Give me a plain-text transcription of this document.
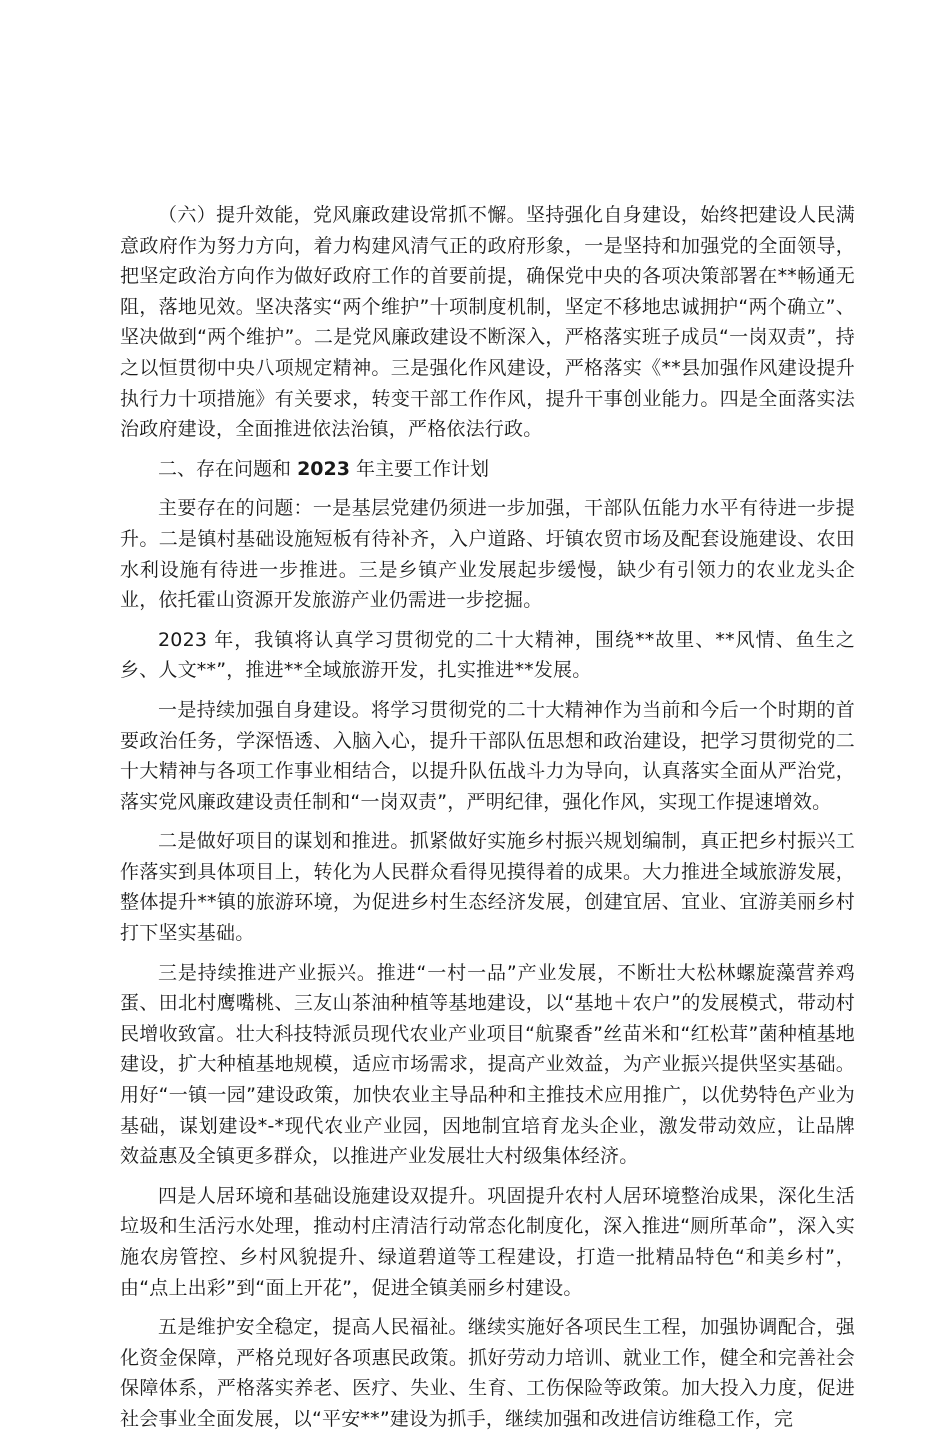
（六）提升效能，党风廉政建设常抓不懈。坚持强化自身建设，始终把建设人民满意政府作为努力方向，着力构建风清气正的政府形象，一是坚持和加强党的全面领导，把坚定政治方向作为做好政府工作的首要前提，确保党中央的各项决策部署在**畅通无阻，落地见效。坚决落实“两个维护”十项制度机制，坚定不移地忠诚拥护“两个确立”、坚决做到“两个维护”。二是党风廉政建设不断深入，严格落实班子成员“一岗双责”，持之以恒贯彻中央八项规定精神。三是强化作风建设，严格落实《**县加强作风建设提升执行力十项措施》有关要求，转变干部工作作风，提升干事创业能力。四是全面落实法治政府建设，全面推进依法治镇，严格依法行政。

二、存在问题和 2023 年主要工作计划

主要存在的问题：一是基层党建仍须进一步加强，干部队伍能力水平有待进一步提升。二是镇村基础设施短板有待补齐，入户道路、圩镇农贸市场及配套设施建设、农田水利设施有待进一步推进。三是乡镇产业发展起步缓慢，缺少有引领力的农业龙头企业，依托霍山资源开发旅游产业仍需进一步挖掘。

2023 年，我镇将认真学习贯彻党的二十大精神，围绕**故里、**风情、鱼生之乡、人文**”，推进**全域旅游开发，扎实推进**发展。

一是持续加强自身建设。将学习贯彻党的二十大精神作为当前和今后一个时期的首要政治任务，学深悟透、入脑入心，提升干部队伍思想和政治建设，把学习贯彻党的二十大精神与各项工作事业相结合，以提升队伍战斗力为导向，认真落实全面从严治党，落实党风廉政建设责任制和“一岗双责”，严明纪律，强化作风，实现工作提速增效。

二是做好项目的谋划和推进。抓紧做好实施乡村振兴规划编制，真正把乡村振兴工作落实到具体项目上，转化为人民群众看得见摸得着的成果。大力推进全域旅游发展，整体提升**镇的旅游环境，为促进乡村生态经济发展，创建宜居、宜业、宜游美丽乡村打下坚实基础。

三是持续推进产业振兴。推进“一村一品”产业发展，不断壮大松林螺旋藻营养鸡蛋、田北村鹰嘴桃、三友山茶油种植等基地建设，以“基地＋农户”的发展模式，带动村民增收致富。壮大科技特派员现代农业产业项目“航聚香”丝苗米和“红松茸”菌种植基地建设，扩大种植基地规模，适应市场需求，提高产业效益，为产业振兴提供坚实基础。用好“一镇一园”建设政策，加快农业主导品种和主推技术应用推广，以优势特色产业为基础，谋划建设*-*现代农业产业园，因地制宜培育龙头企业，激发带动效应，让品牌效益惠及全镇更多群众，以推进产业发展壮大村级集体经济。

四是人居环境和基础设施建设双提升。巩固提升农村人居环境整治成果，深化生活垃圾和生活污水处理，推动村庄清洁行动常态化制度化，深入推进“厕所革命”，深入实施农房管控、乡村风貌提升、绿道碧道等工程建设，打造一批精品特色“和美乡村”，由“点上出彩”到“面上开花”，促进全镇美丽乡村建设。

五是维护安全稳定，提高人民福祉。继续实施好各项民生工程，加强协调配合，强化资金保障，严格兑现好各项惠民政策。抓好劳动力培训、就业工作，健全和完善社会保障体系，严格落实养老、医疗、失业、生育、工伤保险等政策。加大投入力度，促进社会事业全面发展，以“平安**”建设为抓手，继续加强和改进信访维稳工作，完
